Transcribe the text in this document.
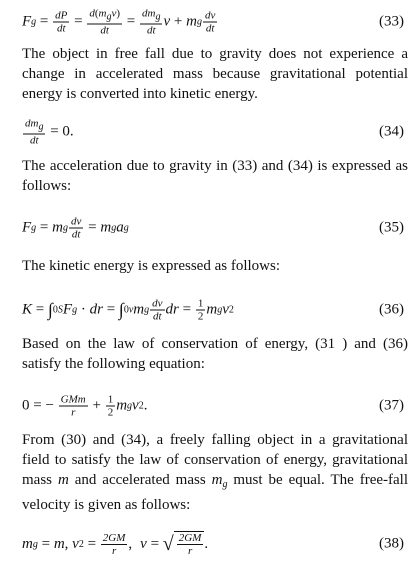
F $g = \frac{dP}{dt} = \frac{\text{d(mgv)}}{dt} = \frac{\text{dmg}}{dt}$ v + m g $\frac{dv}{dt}$	(33)
The object in free fall due to gravity does not experience a change in accelerated mass because gravitational potential energy is converted into kinetic energy.
$\frac{\text{dmg}}{dt} = 0$.	(34)
The acceleration due to gravity in (33) and (34) is expressed as follows:
F g = m g $\frac{dv}{dt} = m$ g a g	(35)
The kinetic energy is expressed as follows:
K = ∫ 0 S F g · dr = ∫ 0 v m g $\frac{dv}{dt}$ dr = $\frac{1}{2}$ m g v 2	(36)
Based on the law of conservation of energy, (31 ) and (36) satisfy the following equation:
0 = − $\frac{\text{GMm}}{r} + \frac{1}{2}$ m g v 2 .	(37)
From (30) and (34), a freely falling object in a gravitational field to satisfy the law of conservation of energy, gravitational mass m and accelerated mass $m_g$ must be equal. The free-fall velocity is given as follows:
m g = m , v $2 = \frac{2GM}{r}$ , v = √ $\frac{2GM}{r}$ .	(38)
